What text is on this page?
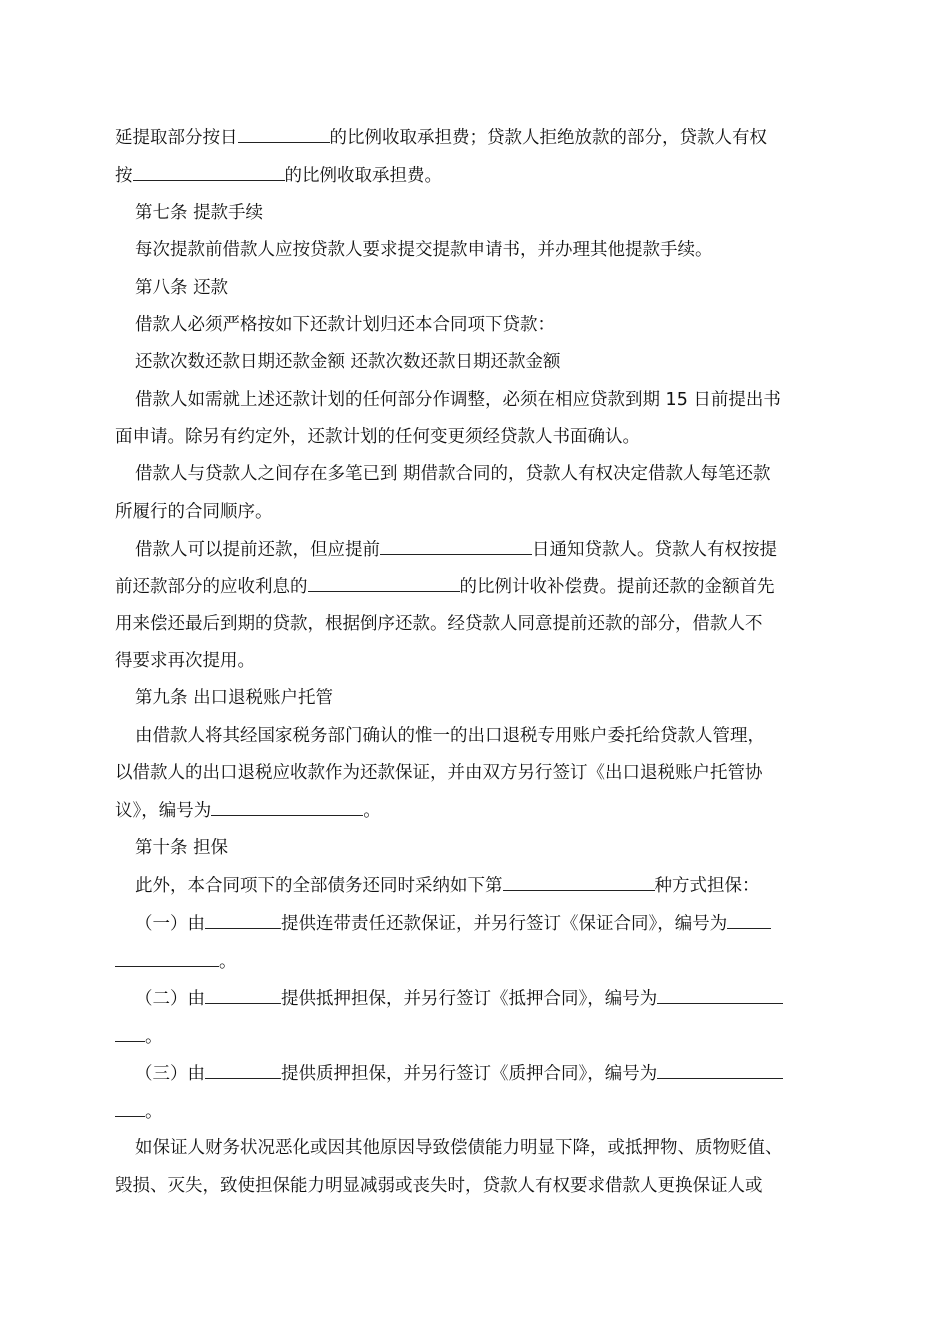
延提取部分按日	的比例收取承担费；贷款人拒绝放款的部分，贷款人有权
按	的比例收取承担费。
第七条 提款手续
每次提款前借款人应按贷款人要求提交提款申请书，并办理其他提款手续。
第八条 还款
借款人必须严格按如下还款计划归还本合同项下贷款：
还款次数还款日期还款金额 还款次数还款日期还款金额
借款人如需就上述还款计划的任何部分作调整，必须在相应贷款到期 15 日前提出书
面申请。除另有约定外，还款计划的任何变更须经贷款人书面确认。
借款人与贷款人之间存在多笔已到 期借款合同的，贷款人有权决定借款人每笔还款
所履行的合同顺序。
借款人可以提前还款，但应提前	日通知贷款人。贷款人有权按提
前还款部分的应收利息的	的比例计收补偿费。提前还款的金额首先
用来偿还最后到期的贷款，根据倒序还款。经贷款人同意提前还款的部分，借款人不
得要求再次提用。
第九条 出口退税账户托管
由借款人将其经国家税务部门确认的惟一的出口退税专用账户委托给贷款人管理，
以借款人的出口退税应收款作为还款保证，并由双方另行签订《出口退税账户托管协
议》，编号为	。
第十条 担保
此外，本合同项下的全部债务还同时采纳如下第	种方式担保：
（一）由	提供连带责任还款保证，并另行签订《保证合同》，编号为
。
（二）由	提供抵押担保，并另行签订《抵押合同》，编号为
。
（三）由	提供质押担保，并另行签订《质押合同》，编号为
。
如保证人财务状况恶化或因其他原因导致偿债能力明显下降，或抵押物、质物贬值、
毁损、灭失，致使担保能力明显减弱或丧失时，贷款人有权要求借款人更换保证人或
